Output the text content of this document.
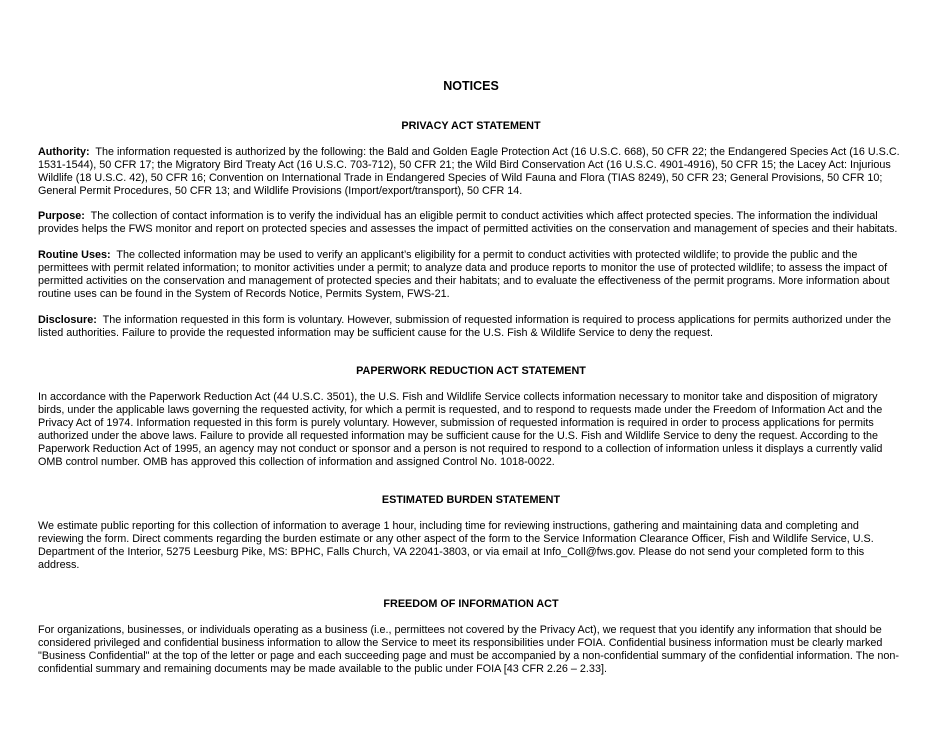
NOTICES
PRIVACY ACT STATEMENT

Authority: The information requested is authorized by the following: the Bald and Golden Eagle Protection Act (16 U.S.C. 668), 50 CFR 22; the Endangered Species Act (16 U.S.C. 1531-1544), 50 CFR 17; the Migratory Bird Treaty Act (16 U.S.C. 703-712), 50 CFR 21; the Wild Bird Conservation Act (16 U.S.C. 4901-4916), 50 CFR 15; the Lacey Act: Injurious Wildlife (18 U.S.C. 42), 50 CFR 16; Convention on International Trade in Endangered Species of Wild Fauna and Flora (TIAS 8249), 50 CFR 23; General Provisions, 50 CFR 10; General Permit Procedures, 50 CFR 13; and Wildlife Provisions (Import/export/transport), 50 CFR 14.

Purpose: The collection of contact information is to verify the individual has an eligible permit to conduct activities which affect protected species. The information the individual provides helps the FWS monitor and report on protected species and assesses the impact of permitted activities on the conservation and management of species and their habitats.

Routine Uses: The collected information may be used to verify an applicant’s eligibility for a permit to conduct activities with protected wildlife; to provide the public and the permittees with permit related information; to monitor activities under a permit; to analyze data and produce reports to monitor the use of protected wildlife; to assess the impact of permitted activities on the conservation and management of protected species and their habitats; and to evaluate the effectiveness of the permit programs. More information about routine uses can be found in the System of Records Notice, Permits System, FWS-21.

Disclosure: The information requested in this form is voluntary. However, submission of requested information is required to process applications for permits authorized under the listed authorities. Failure to provide the requested information may be sufficient cause for the U.S. Fish & Wildlife Service to deny the request.

PAPERWORK REDUCTION ACT STATEMENT

In accordance with the Paperwork Reduction Act (44 U.S.C. 3501), the U.S. Fish and Wildlife Service collects information necessary to monitor take and disposition of migratory birds, under the applicable laws governing the requested activity, for which a permit is requested, and to respond to requests made under the Freedom of Information Act and the Privacy Act of 1974. Information requested in this form is purely voluntary. However, submission of requested information is required in order to process applications for permits authorized under the above laws. Failure to provide all requested information may be sufficient cause for the U.S. Fish and Wildlife Service to deny the request. According to the Paperwork Reduction Act of 1995, an agency may not conduct or sponsor and a person is not required to respond to a collection of information unless it displays a currently valid OMB control number. OMB has approved this collection of information and assigned Control No. 1018-0022.

ESTIMATED BURDEN STATEMENT

We estimate public reporting for this collection of information to average 1 hour, including time for reviewing instructions, gathering and maintaining data and completing and reviewing the form. Direct comments regarding the burden estimate or any other aspect of the form to the Service Information Clearance Officer, Fish and Wildlife Service, U.S. Department of the Interior, 5275 Leesburg Pike, MS: BPHC, Falls Church, VA 22041-3803, or via email at Info_Coll@fws.gov. Please do not send your completed form to this address.

FREEDOM OF INFORMATION ACT

For organizations, businesses, or individuals operating as a business (i.e., permittees not covered by the Privacy Act), we request that you identify any information that should be considered privileged and confidential business information to allow the Service to meet its responsibilities under FOIA. Confidential business information must be clearly marked "Business Confidential" at the top of the letter or page and each succeeding page and must be accompanied by a non-confidential summary of the confidential information. The non-confidential summary and remaining documents may be made available to the public under FOIA [43 CFR 2.26 – 2.33].
